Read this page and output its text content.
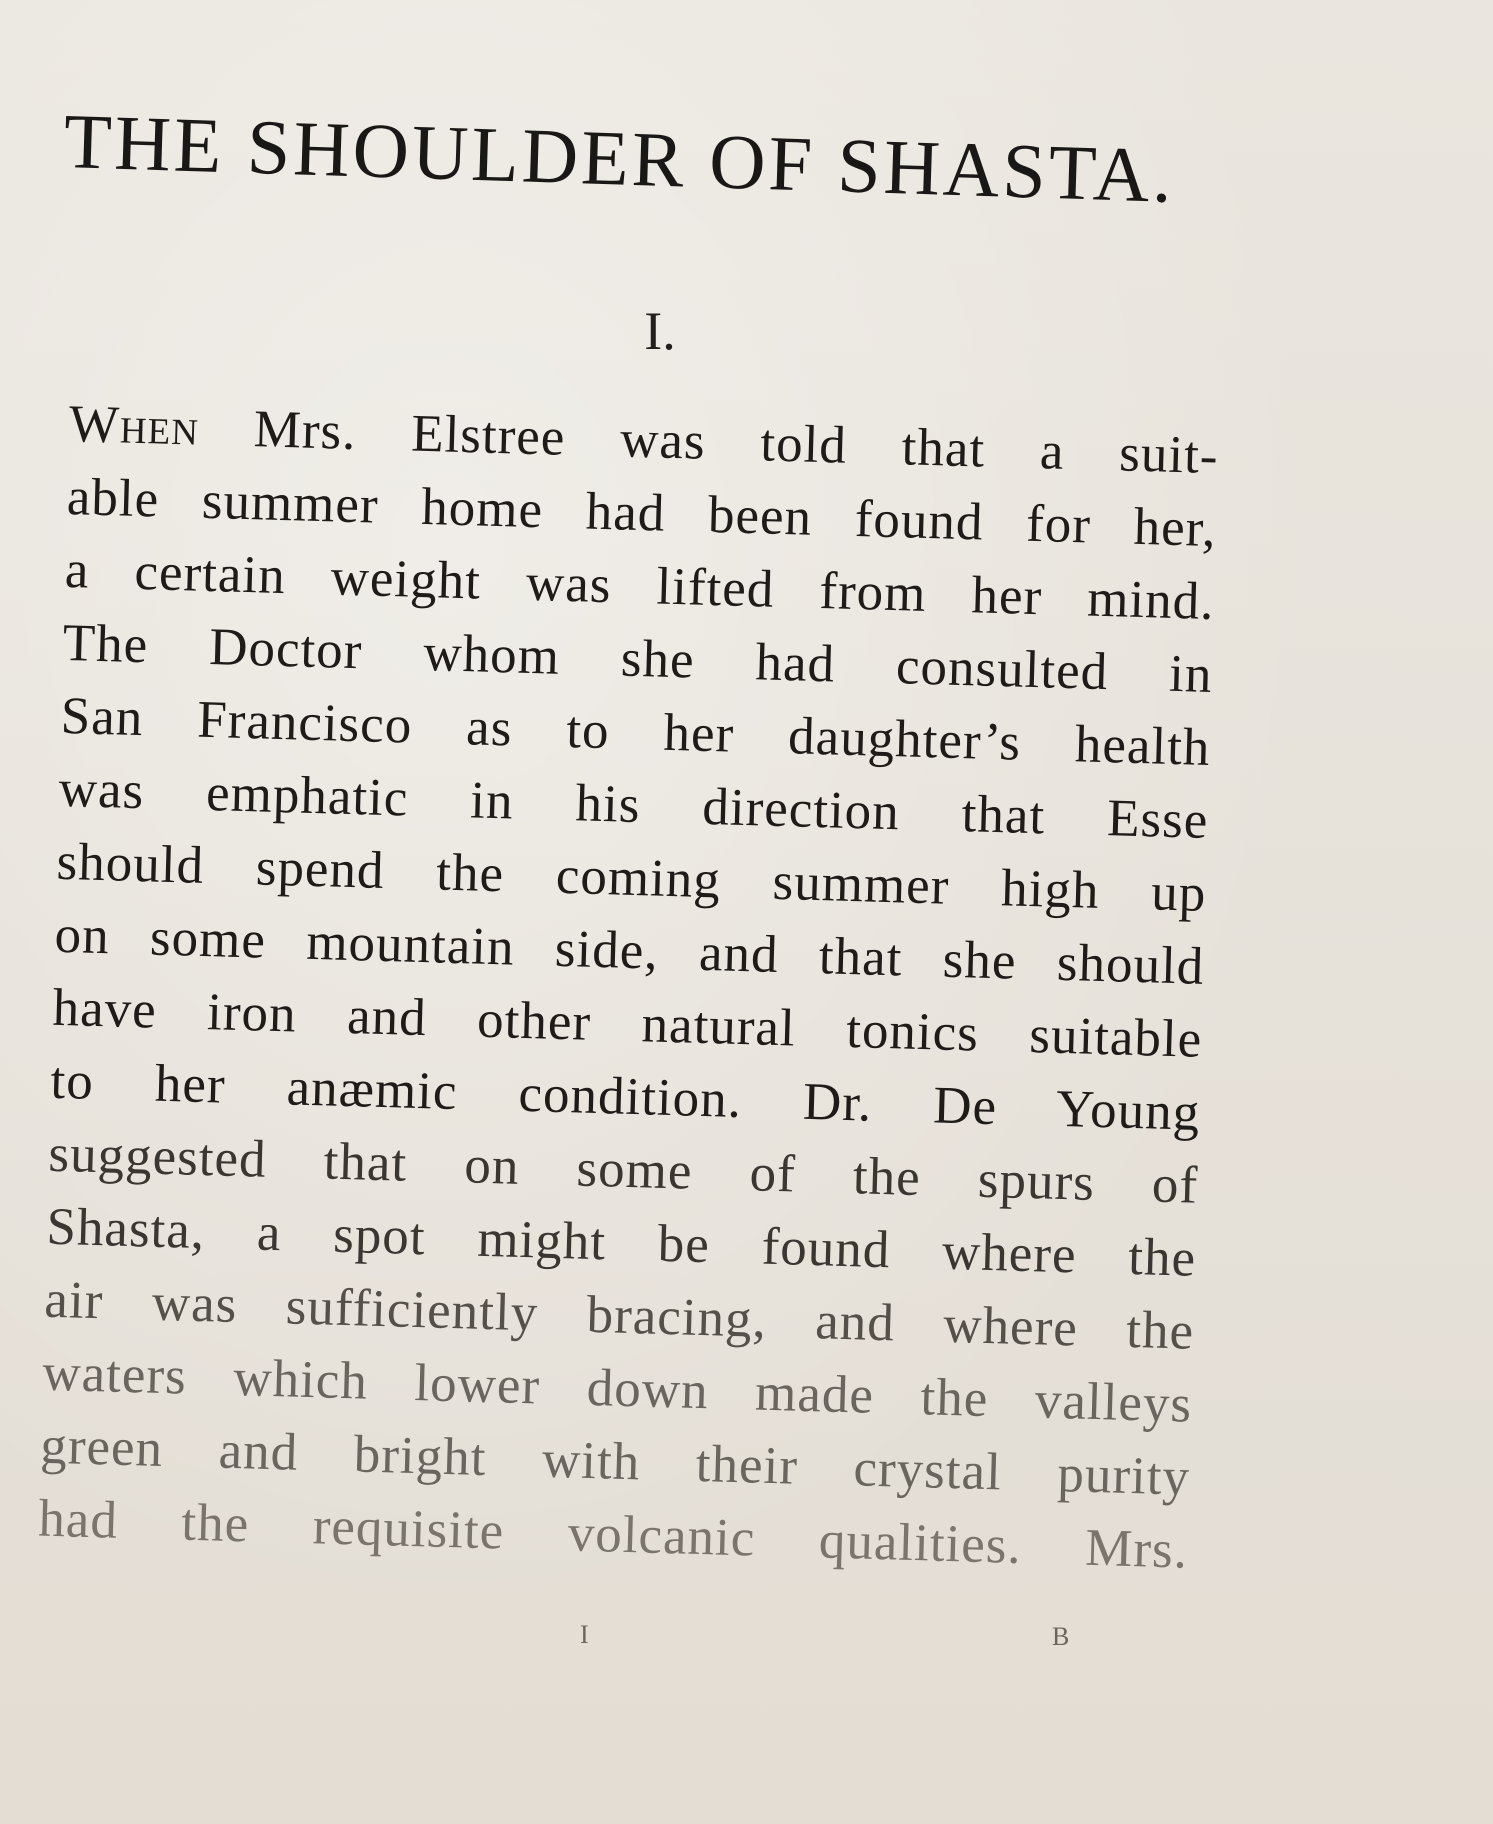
THE SHOULDER OF SHASTA.
I.
When Mrs. Elstree was told that a suit-
able summer home had been found for her,
a certain weight was lifted from her mind.
The Doctor whom she had consulted in
San Francisco as to her daughter’s health
was emphatic in his direction that Esse
should spend the coming summer high up
on some mountain side, and that she should
have iron and other natural tonics suitable
to her anæmic condition. Dr. De Young
suggested that on some of the spurs of
Shasta, a spot might be found where the
air was sufficiently bracing, and where the
waters which lower down made the valleys
green and bright with their crystal purity
had the requisite volcanic qualities. Mrs.
I	B
